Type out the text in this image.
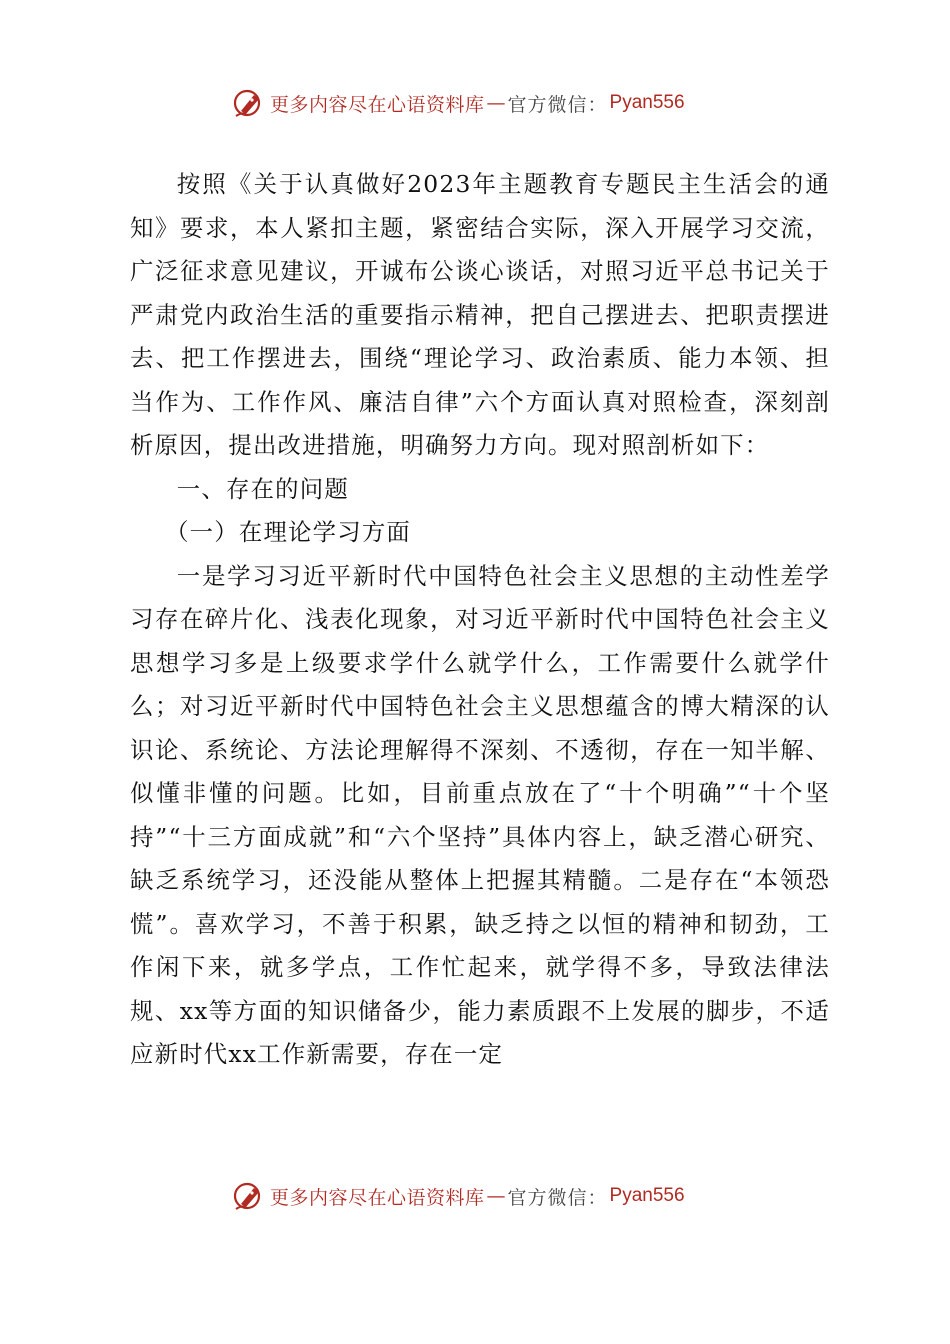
更多内容尽在心语资料库 — 官方微信： Pyan556

按照《关于认真做好2023年主题教育专题民主生活会的通知》要求，本人紧扣主题，紧密结合实际，深入开展学习交流，广泛征求意见建议，开诚布公谈心谈话，对照习近平总书记关于严肃党内政治生活的重要指示精神，把自己摆进去、把职责摆进去、把工作摆进去，围绕“理论学习、政治素质、能力本领、担当作为、工作作风、廉洁自律”六个方面认真对照检查，深刻剖析原因，提出改进措施，明确努力方向。现对照剖析如下：

一、存在的问题

（一）在理论学习方面

一是学习习近平新时代中国特色社会主义思想的主动性差学习存在碎片化、浅表化现象，对习近平新时代中国特色社会主义思想学习多是上级要求学什么就学什么，工作需要什么就学什么；对习近平新时代中国特色社会主义思想蕴含的博大精深的认识论、系统论、方法论理解得不深刻、不透彻，存在一知半解、似懂非懂的问题。比如，目前重点放在了“十个明确”“十个坚持”“十三方面成就”和“六个坚持”具体内容上，缺乏潜心研究、缺乏系统学习，还没能从整体上把握其精髓。二是存在“本领恐慌”。喜欢学习，不善于积累，缺乏持之以恒的精神和韧劲，工作闲下来，就多学点，工作忙起来，就学得不多，导致法律法规、xx等方面的知识储备少，能力素质跟不上发展的脚步，不适应新时代xx工作新需要，存在一定

更多内容尽在心语资料库 — 官方微信： Pyan556
